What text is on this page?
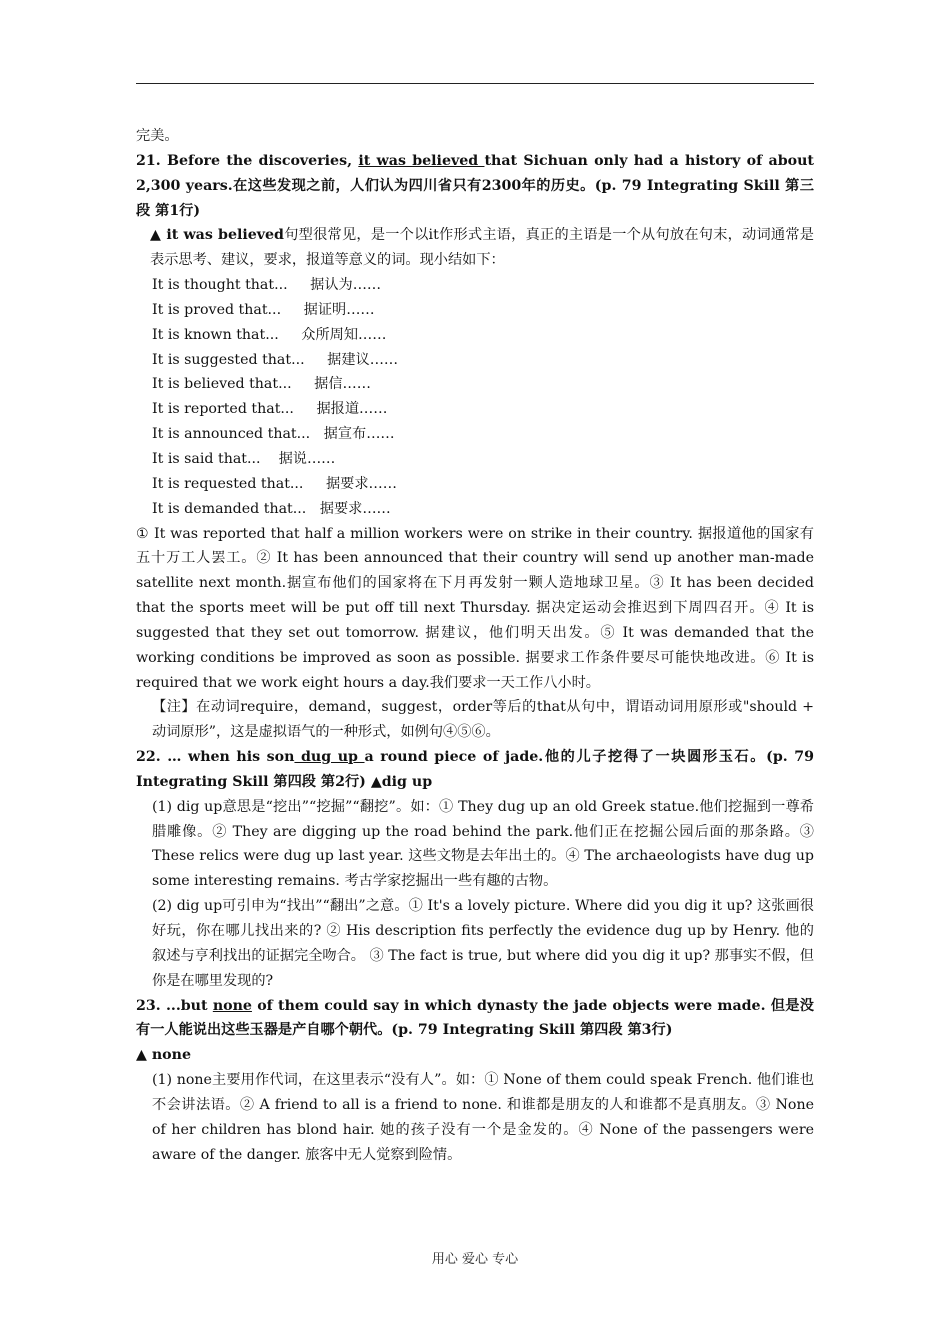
完美。

21. Before the discoveries, it was believed that Sichuan only had a history of about 2,300 years.在这些发现之前，人们认为四川省只有2300年的历史。(p. 79 Integrating Skill 第三段 第1行)

▲ it was believed句型很常见，是一个以it作形式主语，真正的主语是一个从句放在句末，动词通常是表示思考、建议，要求，报道等意义的词。现小结如下：

It is thought that...     据认为……

It is proved that...     据证明……

It is known that...     众所周知……

It is suggested that...     据建议……

It is believed that...     据信……

It is reported that...     据报道……

It is announced that...   据宣布……

It is said that...    据说……

It is requested that...     据要求……

It is demanded that...   据要求……

① It was reported that half a million workers were on strike in their country. 据报道他的国家有五十万工人罢工。② It has been announced that their country will send up another man-made satellite next month.据宣布他们的国家将在下月再发射一颗人造地球卫星。③ It has been decided that the sports meet will be put off till next Thursday. 据决定运动会推迟到下周四召开。④ It is suggested that they set out tomorrow. 据建议，他们明天出发。⑤ It was demanded that the working conditions be improved as soon as possible. 据要求工作条件要尽可能快地改进。⑥ It is required that we work eight hours a day.我们要求一天工作八小时。

【注】在动词require，demand，suggest，order等后的that从句中，谓语动词用原形或"should + 动词原形”，这是虚拟语气的一种形式，如例句④⑤⑥。

22. … when his son dug up a round piece of jade.他的儿子挖得了一块圆形玉石。(p. 79 Integrating Skill 第四段 第2行) ▲dig up

(1) dig up意思是“挖出”“挖掘”“翻挖”。如：① They dug up an old Greek statue.他们挖掘到一尊希腊雕像。② They are digging up the road behind the park.他们正在挖掘公园后面的那条路。③ These relics were dug up last year. 这些文物是去年出土的。④ The archaeologists have dug up some interesting remains. 考古学家挖掘出一些有趣的古物。

(2) dig up可引申为“找出”“翻出”之意。① It's a lovely picture. Where did you dig it up? 这张画很好玩，你在哪儿找出来的? ② His description fits perfectly the evidence dug up by Henry. 他的叙述与亨利找出的证据完全吻合。 ③ The fact is true, but where did you dig it up? 那事实不假，但你是在哪里发现的?

23. ...but none of them could say in which dynasty the jade objects were made. 但是没有一人能说出这些玉器是产自哪个朝代。(p. 79 Integrating Skill 第四段 第3行)

▲ none

(1) none主要用作代词，在这里表示“没有人”。如：① None of them could speak French. 他们谁也不会讲法语。② A friend to all is a friend to none. 和谁都是朋友的人和谁都不是真朋友。③ None of her children has blond hair. 她的孩子没有一个是金发的。④ None of the passengers were aware of the danger. 旅客中无人觉察到险情。

用心 爱心 专心
